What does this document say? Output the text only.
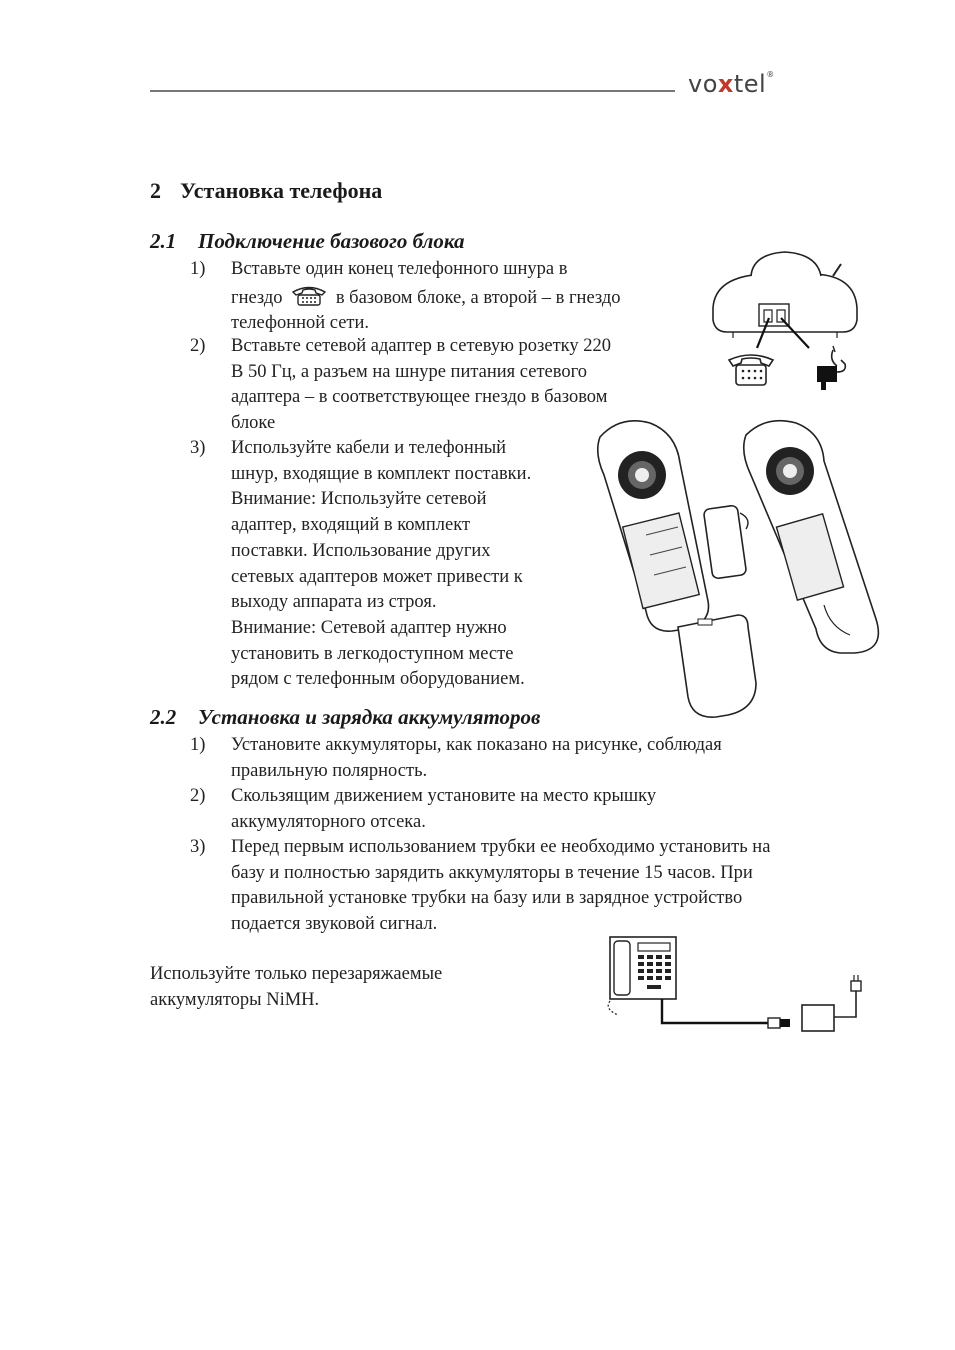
voxtel®
2 Установка телефона
2.1 Подключение базового блока
1) Вставьте один конец телефонного шнура в
гнездо	в базовом блоке, а второй – в гнездо
телефонной сети.
2) Вставьте сетевой адаптер в сетевую розетку 220
В 50 Гц, а разъем на шнуре питания сетевого
адаптера – в соответствующее гнездо в базовом
блоке
3) Используйте кабели и телефонный
шнур, входящие в комплект поставки.
Внимание: Используйте сетевой
адаптер, входящий в комплект
поставки. Использование других
сетевых адаптеров может привести к
выходу аппарата из строя.
Внимание: Сетевой адаптер нужно
установить в легкодоступном месте
рядом с телефонным оборудованием.
2.2 Установка и зарядка аккумуляторов
1) Установите аккумуляторы, как показано на рисунке, соблюдая
правильную полярность.
2) Скользящим движением установите на место крышку
аккумуляторного отсека.
3) Перед первым использованием трубки ее необходимо установить на
базу и полностью зарядить аккумуляторы в течение 15 часов. При
правильной установке трубки на базу или в зарядное устройство
подается звуковой сигнал.
Используйте только перезаряжаемые
аккумуляторы NiMH.
